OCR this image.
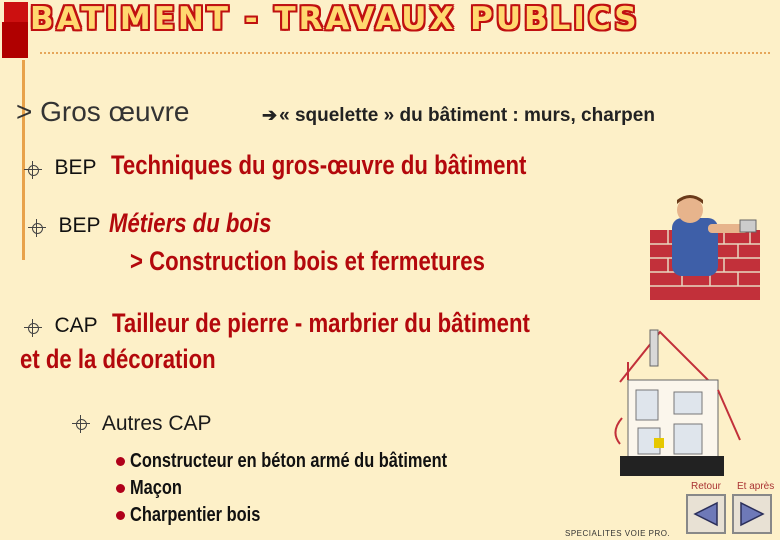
BATIMENT - TRAVAUX PUBLICS
> Gros œuvre	➔ « squelette » du bâtiment : murs, charpen
BEP Techniques du gros-œuvre du bâtiment
BEP Métiers du bois
> Construction bois et fermetures
CAP Tailleur de pierre - marbrier du bâtiment
et de la décoration
Autres CAP
Constructeur en béton armé du bâtiment
Maçon
Charpentier bois
Retour Et après
SPECIALITES VOIE PRO.
